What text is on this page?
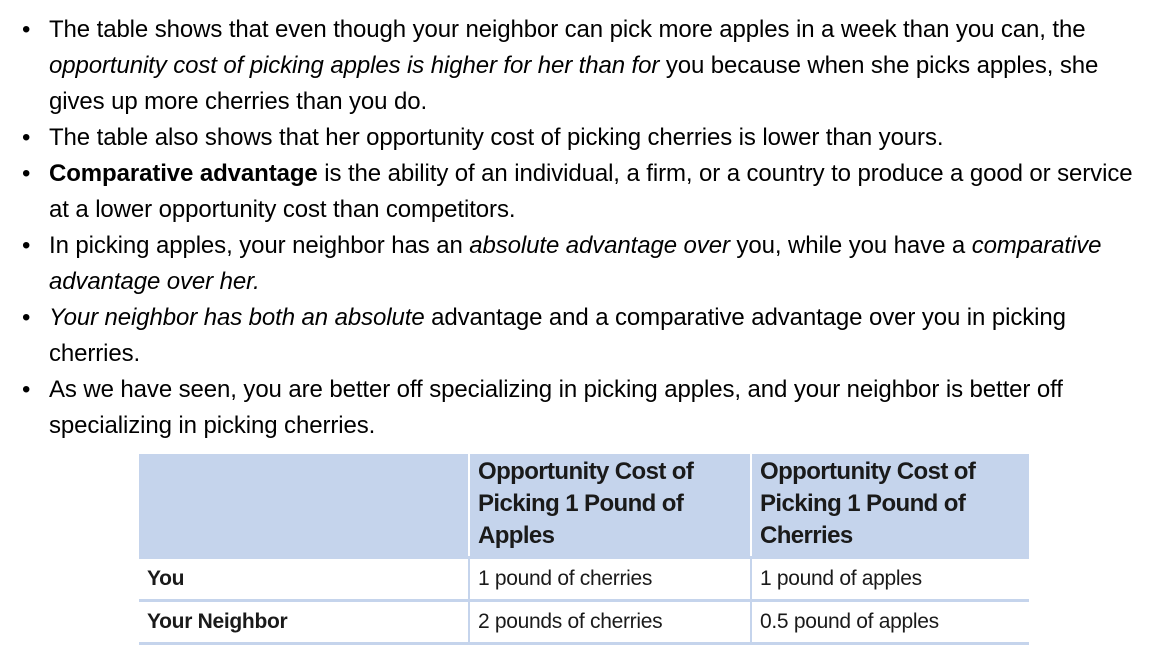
• The table shows that even though your neighbor can pick more apples in a week than you can, the opportunity cost of picking apples is higher for her than for you because when she picks apples, she gives up more cherries than you do.
• The table also shows that her opportunity cost of picking cherries is lower than yours.
• Comparative advantage is the ability of an individual, a firm, or a country to produce a good or service at a lower opportunity cost than competitors.
• In picking apples, your neighbor has an absolute advantage over you, while you have a comparative advantage over her.
• Your neighbor has both an absolute advantage and a comparative advantage over you in picking cherries.
• As we have seen, you are better off specializing in picking apples, and your neighbor is better off specializing in picking cherries.
	Opportunity Cost of Picking 1 Pound of Apples	Opportunity Cost of Picking 1 Pound of Cherries
You	1 pound of cherries	1 pound of apples
Your Neighbor	2 pounds of cherries	0.5 pound of apples
